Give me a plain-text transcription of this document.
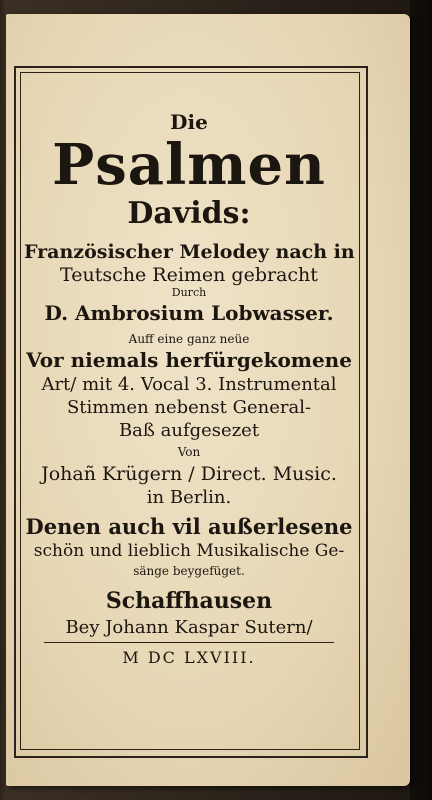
Die
Psalmen
Davids:
Französischer Melodey nach in
Teutsche Reimen gebracht
Durch
D. Ambrosium Lobwasser.
Auff eine ganz neüe
Vor niemals herfürgekomene
Art/ mit 4. Vocal 3. Instrumental
Stimmen nebenst General-
Baß aufgesezet
Von
Johañ Krügern / Direct. Music.
in Berlin.
Denen auch vil außerlesene
schön und lieblich Musikalische Ge-
sänge beygefüget.
Schaffhausen
Bey Johann Kaspar Sutern/
M DC LXVIII.
